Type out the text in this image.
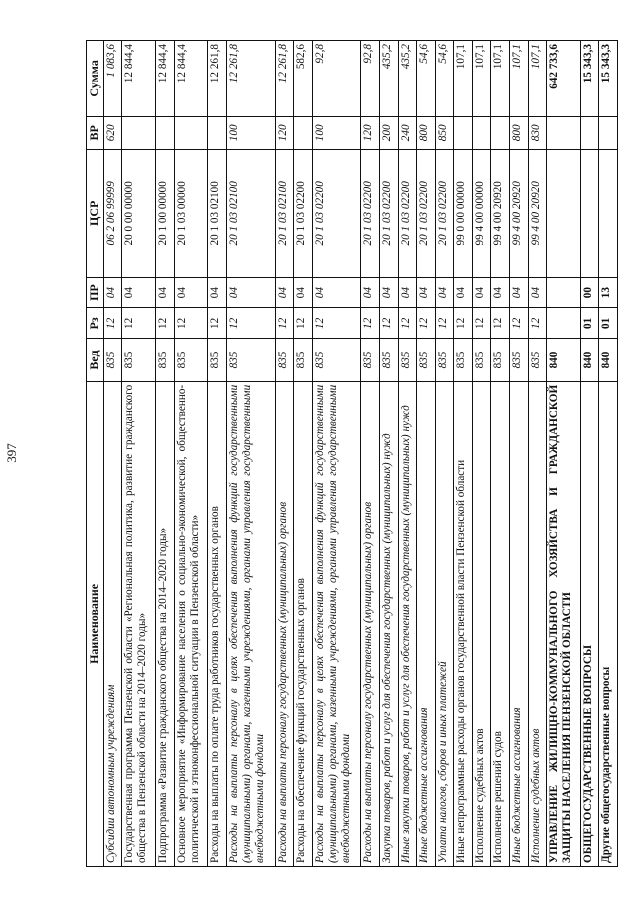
397
Наименование	Вед	Рз	ПР	ЦСР	ВР	Сумма
Субсидии автономным учреждениям	835	12	04	06 2 06 99999	620	1 083,6
Государственная программа Пензенской области «Региональная политика, развитие гражданского общества в Пензенской области на 2014–2020 годы»	835	12	04	20 0 00 00000		12 844,4
Подпрограмма «Развитие гражданского общества на 2014–2020 годы»	835	12	04	20 1 00 00000		12 844,4
Основное мероприятие «Информирование населения о социально-экономической, общественно-политической и этноконфессиональной ситуации в Пензенской области»	835	12	04	20 1 03 00000		12 844,4
Расходы на выплаты по оплате труда работников государственных органов	835	12	04	20 1 03 02100		12 261,8
Расходы на выплаты персоналу в целях обеспечения выполнения функций государственными (муниципальными) органами, казенными учреждениями, органами управления государственными внебюджетными фондами	835	12	04	20 1 03 02100	100	12 261,8
Расходы на выплаты персоналу государственных (муниципальных) органов	835	12	04	20 1 03 02100	120	12 261,8
Расходы на обеспечение функций государственных органов	835	12	04	20 1 03 02200		582,6
Расходы на выплаты персоналу в целях обеспечения выполнения функций государственными (муниципальными) органами, казенными учреждениями, органами управления государственными внебюджетными фондами	835	12	04	20 1 03 02200	100	92,8
Расходы на выплаты персоналу государственных (муниципальных) органов	835	12	04	20 1 03 02200	120	92,8
Закупка товаров, работ и услуг для обеспечения государственных (муниципальных) нужд	835	12	04	20 1 03 02200	200	435,2
Иные закупки товаров, работ и услуг для обеспечения государственных (муниципальных) нужд	835	12	04	20 1 03 02200	240	435,2
Иные бюджетные ассигнования	835	12	04	20 1 03 02200	800	54,6
Уплата налогов, сборов и иных платежей	835	12	04	20 1 03 02200	850	54,6
Иные непрограммные расходы органов государственной власти Пензенской области	835	12	04	99 0 00 00000		107,1
Исполнение судебных актов	835	12	04	99 4 00 00000		107,1
Исполнение решений судов	835	12	04	99 4 00 20920		107,1
Иные бюджетные ассигнования	835	12	04	99 4 00 20920	800	107,1
Исполнение судебных актов	835	12	04	99 4 00 20920	830	107,1
УПРАВЛЕНИЕ ЖИЛИЩНО-КОММУНАЛЬНОГО ХОЗЯЙСТВА И ГРАЖДАНСКОЙ ЗАЩИТЫ НАСЕЛЕНИЯ ПЕНЗЕНСКОЙ ОБЛАСТИ	840					642 733,6
ОБЩЕГОСУДАРСТВЕННЫЕ ВОПРОСЫ	840	01	00			15 343,3
Другие общегосударственные вопросы	840	01	13			15 343,3
